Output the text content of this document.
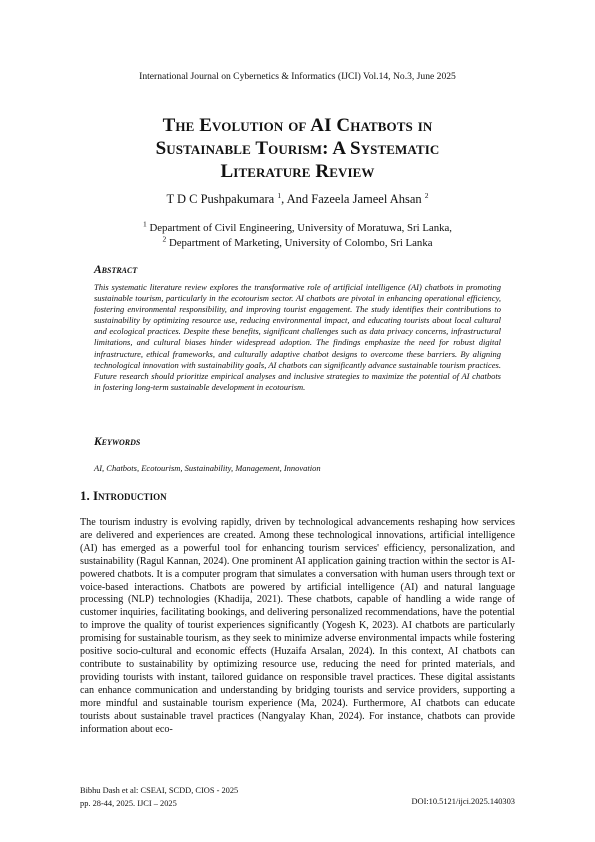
International Journal on Cybernetics & Informatics (IJCI) Vol.14, No.3, June 2025
The Evolution of AI Chatbots in
Sustainable Tourism: A Systematic
Literature Review
T D C Pushpakumara $^1$, And Fazeela Jameel Ahsan $^2$
$^1$ Department of Civil Engineering, University of Moratuwa, Sri Lanka,
$^2$ Department of Marketing, University of Colombo, Sri Lanka
Abstract
This systematic literature review explores the transformative role of artificial intelligence (AI) chatbots in promoting sustainable tourism, particularly in the ecotourism sector. AI chatbots are pivotal in enhancing operational efficiency, fostering environmental responsibility, and improving tourist engagement. The study identifies their contributions to sustainability by optimizing resource use, reducing environmental impact, and educating tourists about local cultural and ecological practices. Despite these benefits, significant challenges such as data privacy concerns, infrastructural limitations, and cultural biases hinder widespread adoption. The findings emphasize the need for robust digital infrastructure, ethical frameworks, and culturally adaptive chatbot designs to overcome these barriers. By aligning technological innovation with sustainability goals, AI chatbots can significantly advance sustainable tourism practices. Future research should prioritize empirical analyses and inclusive strategies to maximize the potential of AI chatbots in fostering long-term sustainable development in ecotourism.
Keywords
AI, Chatbots, Ecotourism, Sustainability, Management, Innovation
1. Introduction
The tourism industry is evolving rapidly, driven by technological advancements reshaping how services are delivered and experiences are created. Among these technological innovations, artificial intelligence (AI) has emerged as a powerful tool for enhancing tourism services' efficiency, personalization, and sustainability (Ragul Kannan, 2024). One prominent AI application gaining traction within the sector is AI-powered chatbots. It is a computer program that simulates a conversation with human users through text or voice-based interactions. Chatbots are powered by artificial intelligence (AI) and natural language processing (NLP) technologies (Khadija, 2021). These chatbots, capable of handling a wide range of customer inquiries, facilitating bookings, and delivering personalized recommendations, have the potential to improve the quality of tourist experiences significantly (Yogesh K, 2023). AI chatbots are particularly promising for sustainable tourism, as they seek to minimize adverse environmental impacts while fostering positive socio-cultural and economic effects (Huzaifa Arsalan, 2024). In this context, AI chatbots can contribute to sustainability by optimizing resource use, reducing the need for printed materials, and providing tourists with instant, tailored guidance on responsible travel practices. These digital assistants can enhance communication and understanding by bridging tourists and service providers, supporting a more mindful and sustainable tourism experience (Ma, 2024). Furthermore, AI chatbots can educate tourists about sustainable travel practices (Nangyalay Khan, 2024). For instance, chatbots can provide information about eco-
Bibhu Dash et al: CSEAI, SCDD, CIOS - 2025
pp. 28-44, 2025. IJCI – 2025	DOI:10.5121/ijci.2025.140303
